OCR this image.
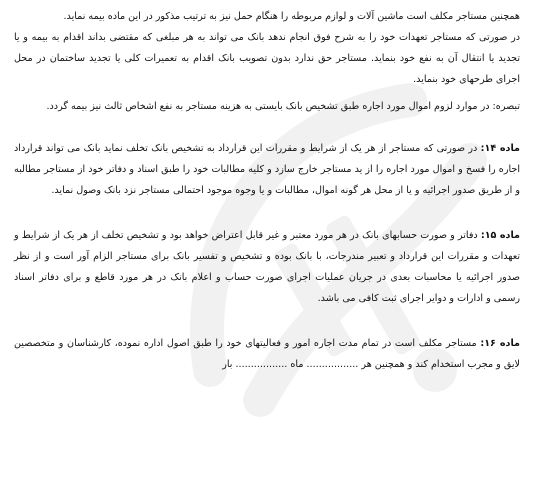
همچنین مستاجر مکلف است ماشین آلات و لوازم مربوطه را هنگام حمل نیز به ترتیب مذکور در این ماده بیمه نماید.

در صورتی که مستاجر تعهدات خود را به شرح فوق انجام ندهد بانک می تواند به هر مبلغی که مقتضی بداند اقدام به بیمه و یا تجدید یا انتقال آن به نفع خود بنماید. مستاجر حق ندارد بدون تصویب بانک اقدام به تعمیرات کلی یا تجدید ساختمان در محل اجرای طرحهای خود بنماید.

تبصره: در موارد لزوم اموال مورد اجاره طبق تشخیص بانک بایستی به هزینه مستاجر به نفع اشخاص ثالث نیز بیمه گردد.

ماده ۱۴: در صورتی که مستاجر از هر یک از شرایط و مقررات این قرارداد به تشخیص بانک تخلف نماید بانک می تواند قرارداد اجاره را فسخ و اموال مورد اجاره را از ید مستاجر خارج سازد و کلیه مطالبات خود را طبق اسناد و دفاتر خود از مستاجر مطالبه و از طریق صدور اجرائیه و یا از محل هر گونه اموال، مطالبات و یا وجوه موجود احتمالی مستاجر نزد بانک وصول نماید.

ماده ۱۵: دفاتر و صورت حسابهای بانک در هر مورد معتبر و غیر قابل اعتراض خواهد بود و تشخیص تخلف از هر یک از شرایط و تعهدات و مقررات این قرارداد و تعبیر مندرجات، با بانک بوده و تشخیص و تفسیر بانک برای مستاجر الزام آور است و از نظر صدور اجرائیه یا محاسبات بعدی در جریان عملیات اجرای صورت حساب و اعلام بانک در هر مورد قاطع و برای دفاتر اسناد رسمی و ادارات و دوایر اجرای ثبت کافی می باشد.

ماده ۱۶: مستاجر مکلف است در تمام مدت اجاره امور و فعالیتهای خود را طبق اصول اداره نموده، کارشناسان و متخصصین لایق و مجرب استخدام کند و همچنین هر ................. ماه ................. بار
